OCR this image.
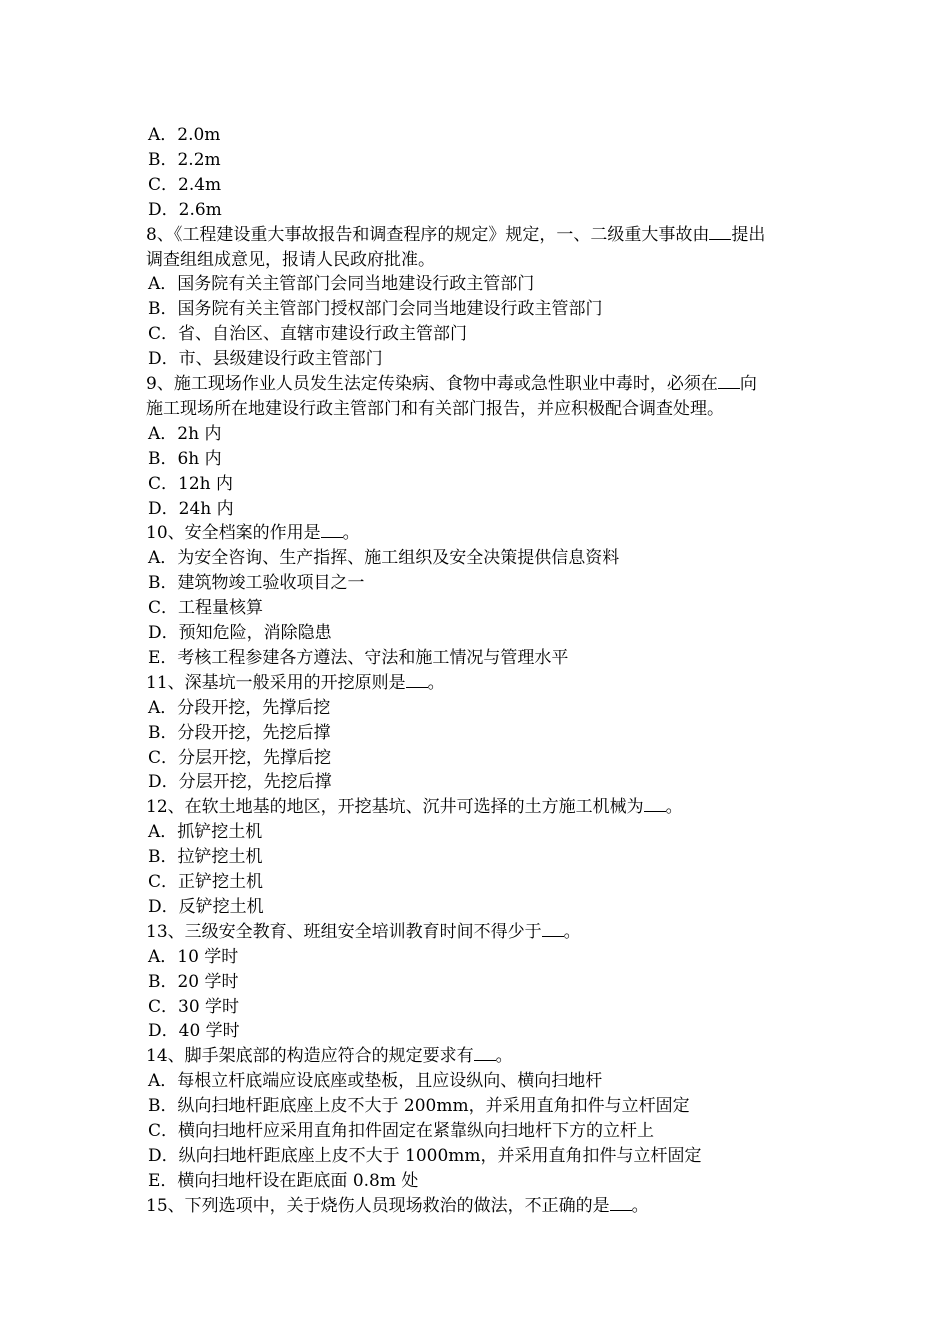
A．2.0m
B．2.2m
C．2.4m
D．2.6m
8、《工程建设重大事故报告和调查程序的规定》规定，一、二级重大事故由 提出
调查组组成意见，报请人民政府批准。
A．国务院有关主管部门会同当地建设行政主管部门
B．国务院有关主管部门授权部门会同当地建设行政主管部门
C．省、自治区、直辖市建设行政主管部门
D．市、县级建设行政主管部门
9、施工现场作业人员发生法定传染病、食物中毒或急性职业中毒时，必须在 向
施工现场所在地建设行政主管部门和有关部门报告，并应积极配合调查处理。
A．2h 内
B．6h 内
C．12h 内
D．24h 内
10、安全档案的作用是 。
A．为安全咨询、生产指挥、施工组织及安全决策提供信息资料
B．建筑物竣工验收项目之一
C．工程量核算
D．预知危险，消除隐患
E．考核工程参建各方遵法、守法和施工情况与管理水平
11、深基坑一般采用的开挖原则是 。
A．分段开挖，先撑后挖
B．分段开挖，先挖后撑
C．分层开挖，先撑后挖
D．分层开挖，先挖后撑
12、在软土地基的地区，开挖基坑、沉井可选择的土方施工机械为 。
A．抓铲挖土机
B．拉铲挖土机
C．正铲挖土机
D．反铲挖土机
13、三级安全教育、班组安全培训教育时间不得少于 。
A．10 学时
B．20 学时
C．30 学时
D．40 学时
14、脚手架底部的构造应符合的规定要求有 。
A．每根立杆底端应设底座或垫板，且应设纵向、横向扫地杆
B．纵向扫地杆距底座上皮不大于 200mm，并采用直角扣件与立杆固定
C．横向扫地杆应采用直角扣件固定在紧靠纵向扫地杆下方的立杆上
D．纵向扫地杆距底座上皮不大于 1000mm，并采用直角扣件与立杆固定
E．横向扫地杆设在距底面 0.8m 处
15、下列选项中，关于烧伤人员现场救治的做法，不正确的是 。
